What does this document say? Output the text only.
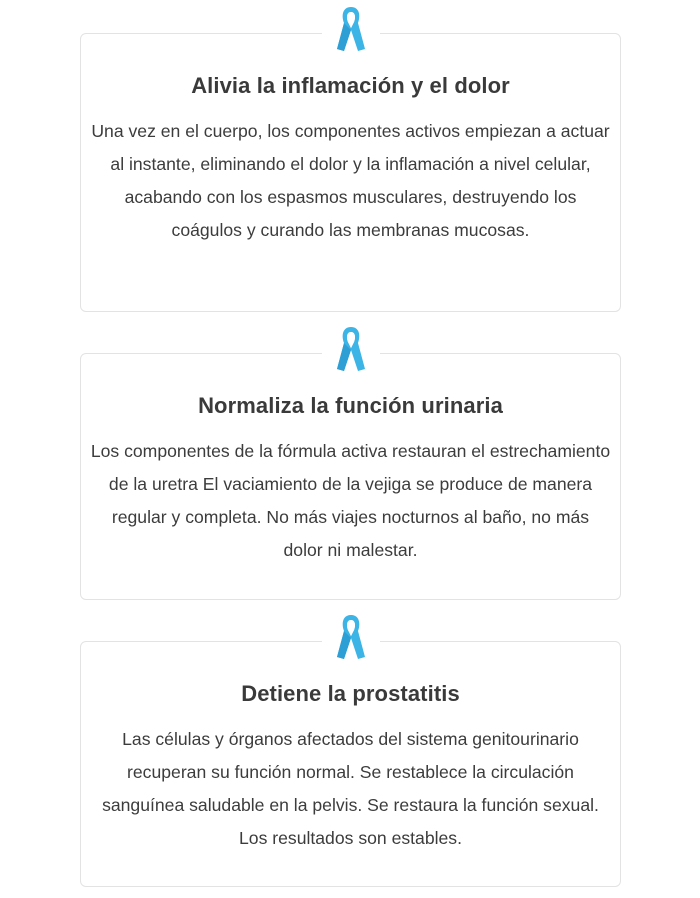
Alivia la inflamación y el dolor

Una vez en el cuerpo, los componentes activos empiezan a actuar al instante, eliminando el dolor y la inflamación a nivel celular, acabando con los espasmos musculares, destruyendo los coágulos y curando las membranas mucosas.

Normaliza la función urinaria

Los componentes de la fórmula activa restauran el estrechamiento de la uretra El vaciamiento de la vejiga se produce de manera regular y completa. No más viajes nocturnos al baño, no más dolor ni malestar.

Detiene la prostatitis

Las células y órganos afectados del sistema genitourinario recuperan su función normal. Se restablece la circulación sanguínea saludable en la pelvis. Se restaura la función sexual. Los resultados son estables.
